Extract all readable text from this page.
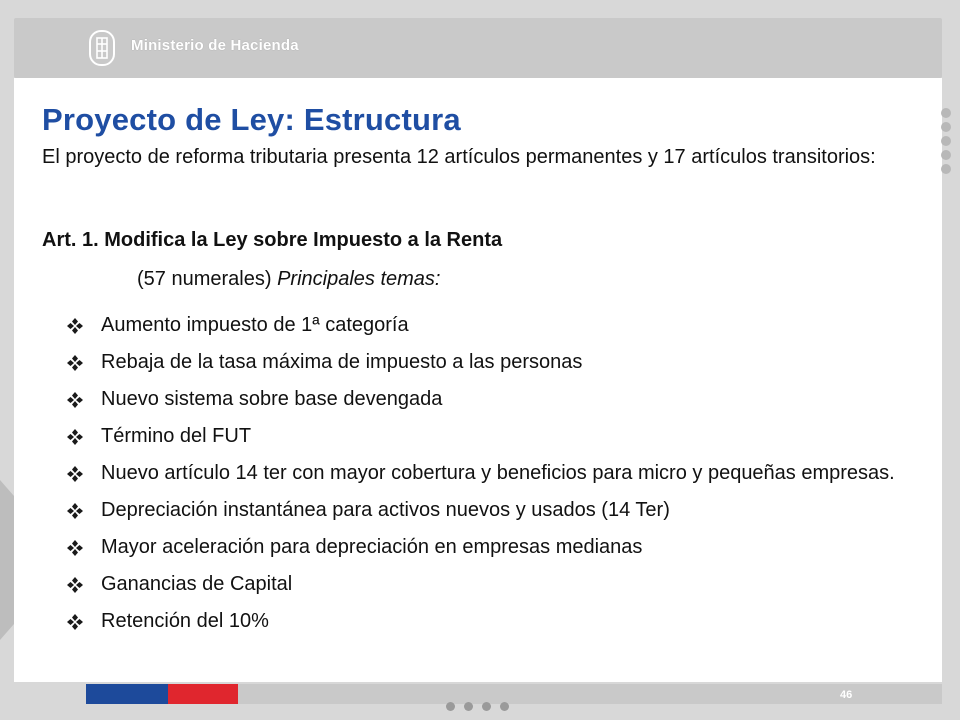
Ministerio de Hacienda
Proyecto de Ley: Estructura

El proyecto de reforma tributaria presenta 12 artículos permanentes y 17 artículos transitorios:

Art. 1. Modifica la Ley sobre Impuesto a la Renta

(57 numerales) Principales temas:

Aumento impuesto de 1ª categoría
Rebaja de la tasa máxima de impuesto a las personas
Nuevo sistema sobre base devengada
Término del FUT
Nuevo artículo 14 ter con mayor cobertura y beneficios para micro y pequeñas empresas.
Depreciación instantánea para activos nuevos y usados (14 Ter)
Mayor aceleración para depreciación en empresas medianas
Ganancias de Capital
Retención del 10%
46
